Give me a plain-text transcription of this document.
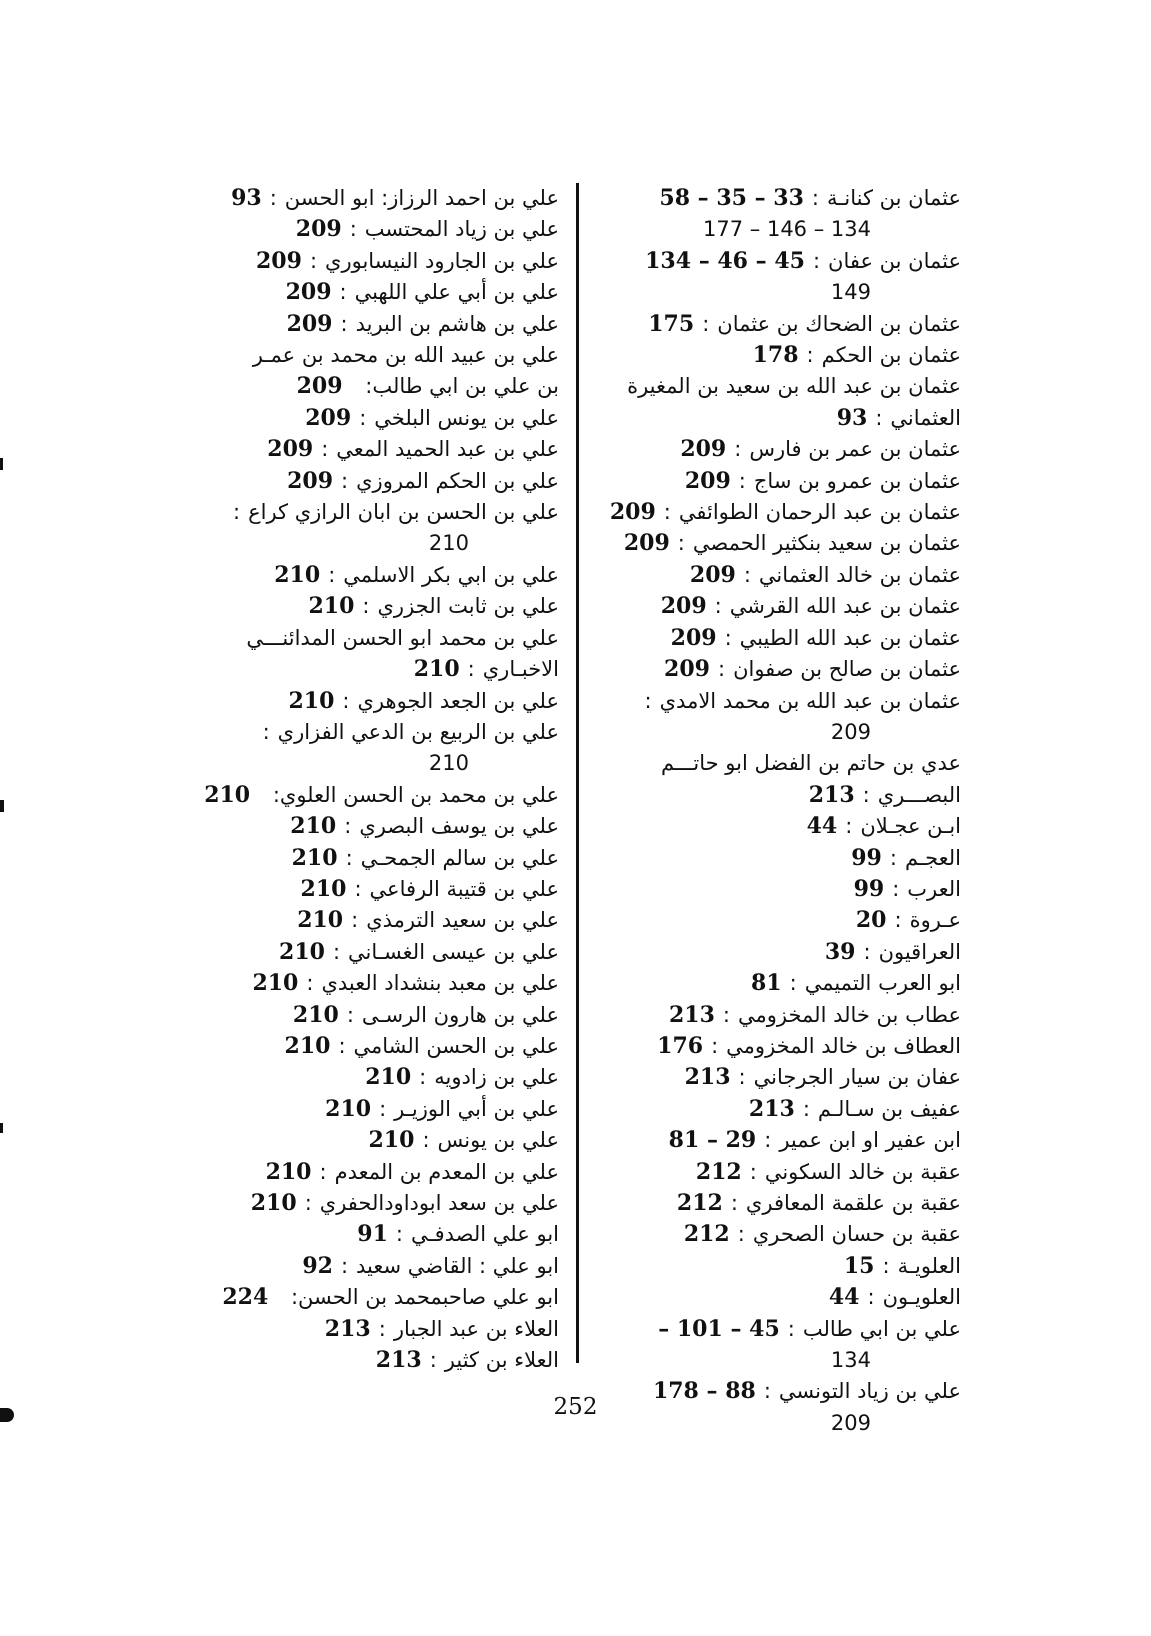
عثمان بن كنانـة:33 – 35 – 58
134 – 146 – 177
عثمان بن عفان:45 – 46 – 134
149
عثمان بن الضحاك بن عثمان:175
عثمان بن الحكم:178
عثمان بن عبد الله بن سعيد بن المغيرة
العثماني:93
عثمان بن عمر بن فارس:209
عثمان بن عمرو بن ساج:209
عثمان بن عبد الرحمان الطوائفي:209
عثمان بن سعيد بنكثير الحمصي:209
عثمان بن خالد العثماني:209
عثمان بن عبد الله القرشي:209
عثمان بن عبد الله الطيبي:209
عثمان بن صالح بن صفوان:209
عثمان بن عبد الله بن محمد الامدي:
209
عدي بن حاتم بن الفضل ابو حاتـــم
البصـــري:213
ابـن عجـلان:44
العجـم:99
العرب:99
عـروة:20
العراقيون:39
ابو العرب التميمي:81
عطاب بن خالد المخزومي:213
العطاف بن خالد المخزومي:176
عفان بن سيار الجرجاني:213
عفيف بن سـالـم:213
ابن عفير او ابن عمير:29 – 81
عقبة بن خالد السكوني:212
عقبة بن علقمة المعافري:212
عقبة بن حسان الصحري:212
العلويـة:15
العلويـون:44
علي بن ابي طالب:45 – 101 –
134
علي بن زياد التونسي:88 – 178
209
علي بن احمد الرزاز: ابو الحسن:93
علي بن زياد المحتسب:209
علي بن الجارود النيسابوري:209
علي بن أبي علي اللهبي:209
علي بن هاشم بن البريد:209
علي بن عبيد الله بن محمد بن عمـر
بن علي بن ابي طالب: 209
علي بن يونس البلخي:209
علي بن عبد الحميد المعي:209
علي بن الحكم المروزي:209
علي بن الحسن بن ابان الرازي كراع:
210
علي بن ابي بكر الاسلمي:210
علي بن ثابت الجزري:210
علي بن محمد ابو الحسن المدائنـــي
الاخبـاري:210
علي بن الجعد الجوهري:210
علي بن الربيع بن الدعي الفزاري:
210
علي بن محمد بن الحسن العلوي: 210
علي بن يوسف البصري:210
علي بن سالم الجمحـي:210
علي بن قتيبة الرفاعي:210
علي بن سعيد الترمذي:210
علي بن عيسى الغسـاني:210
علي بن معبد بنشداد العبدي:210
علي بن هارون الرسـى:210
علي بن الحسن الشامي:210
علي بن زادويه:210
علي بن أبي الوزيـر:210
علي بن يونس:210
علي بن المعدم بن المعدم:210
علي بن سعد ابوداودالحفري:210
ابو علي الصدفـي:91
ابو علي : القاضي سعيد:92
ابو علي صاحبمحمد بن الحسن: 224
العلاء بن عبد الجبار:213
العلاء بن كثير:213
252
